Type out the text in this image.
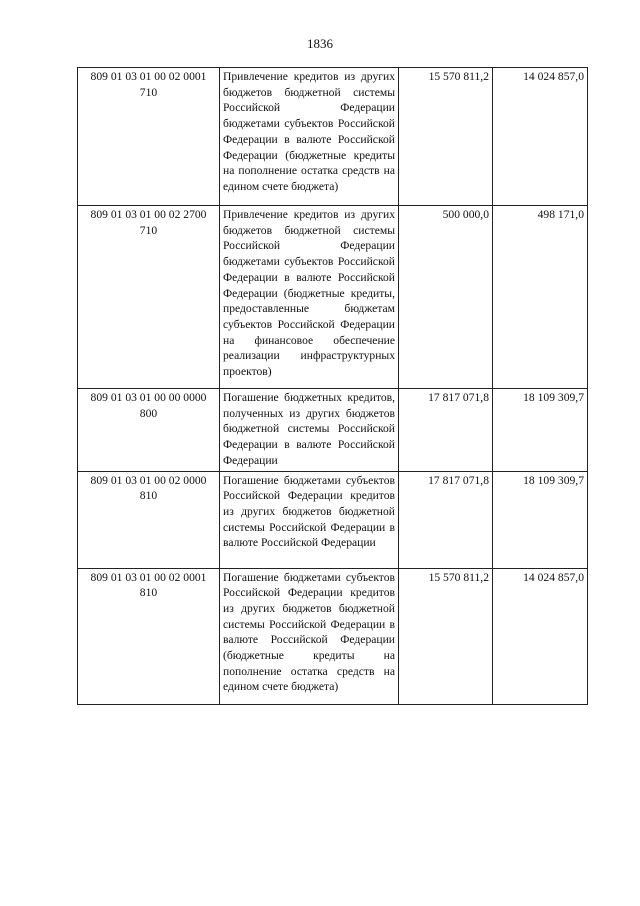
1836
809 01 03 01 00 02 0001 710	Привлечение кредитов из других бюджетов бюджетной системы Российской Федерации бюджетами субъектов Российской Федерации в валюте Российской Федерации (бюджетные кредиты на пополнение остатка средств на едином счете бюджета)	15 570 811,2	14 024 857,0
809 01 03 01 00 02 2700 710	Привлечение кредитов из других бюджетов бюджетной системы Российской Федерации бюджетами субъектов Российской Федерации в валюте Российской Федерации (бюджетные кредиты, предоставленные бюджетам субъектов Российской Федерации на финансовое обеспечение реализации инфраструктурных проектов)	500 000,0	498 171,0
809 01 03 01 00 00 0000 800	Погашение бюджетных кредитов, полученных из других бюджетов бюджетной системы Российской Федерации в валюте Российской Федерации	17 817 071,8	18 109 309,7
809 01 03 01 00 02 0000 810	Погашение бюджетами субъектов Российской Федерации кредитов из других бюджетов бюджетной системы Российской Федерации в валюте Российской Федерации	17 817 071,8	18 109 309,7
809 01 03 01 00 02 0001 810	Погашение бюджетами субъектов Российской Федерации кредитов из других бюджетов бюджетной системы Российской Федерации в валюте Российской Федерации (бюджетные кредиты на пополнение остатка средств на едином счете бюджета)	15 570 811,2	14 024 857,0
